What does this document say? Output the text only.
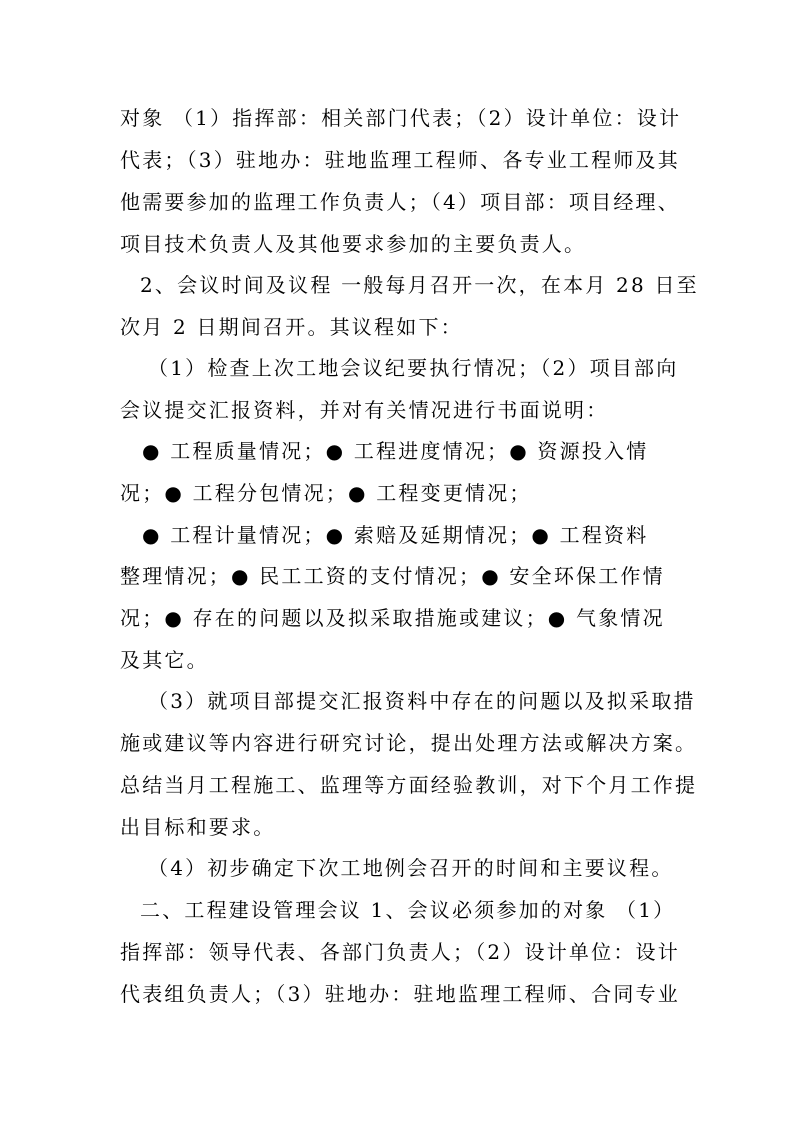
对象 （1）指挥部：相关部门代表；（2）设计单位：设计
代表；（3）驻地办：驻地监理工程师、各专业工程师及其
他需要参加的监理工作负责人；（4）项目部：项目经理、
项目技术负责人及其他要求参加的主要负责人。
2、会议时间及议程 一般每月召开一次，在本月 28 日至
次月 2 日期间召开。其议程如下：
（1）检查上次工地会议纪要执行情况；（2）项目部向
会议提交汇报资料，并对有关情况进行书面说明：
● 工程质量情况；● 工程进度情况；● 资源投入情
况；● 工程分包情况；● 工程变更情况；
● 工程计量情况；● 索赔及延期情况；● 工程资料
整理情况；● 民工工资的支付情况；● 安全环保工作情
况；● 存在的问题以及拟采取措施或建议；● 气象情况
及其它。
（3）就项目部提交汇报资料中存在的问题以及拟采取措
施或建议等内容进行研究讨论，提出处理方法或解决方案。
总结当月工程施工、监理等方面经验教训，对下个月工作提
出目标和要求。
（4）初步确定下次工地例会召开的时间和主要议程。
二、工程建设管理会议 1、会议必须参加的对象 （1）
指挥部：领导代表、各部门负责人；（2）设计单位：设计
代表组负责人；（3）驻地办：驻地监理工程师、合同专业
